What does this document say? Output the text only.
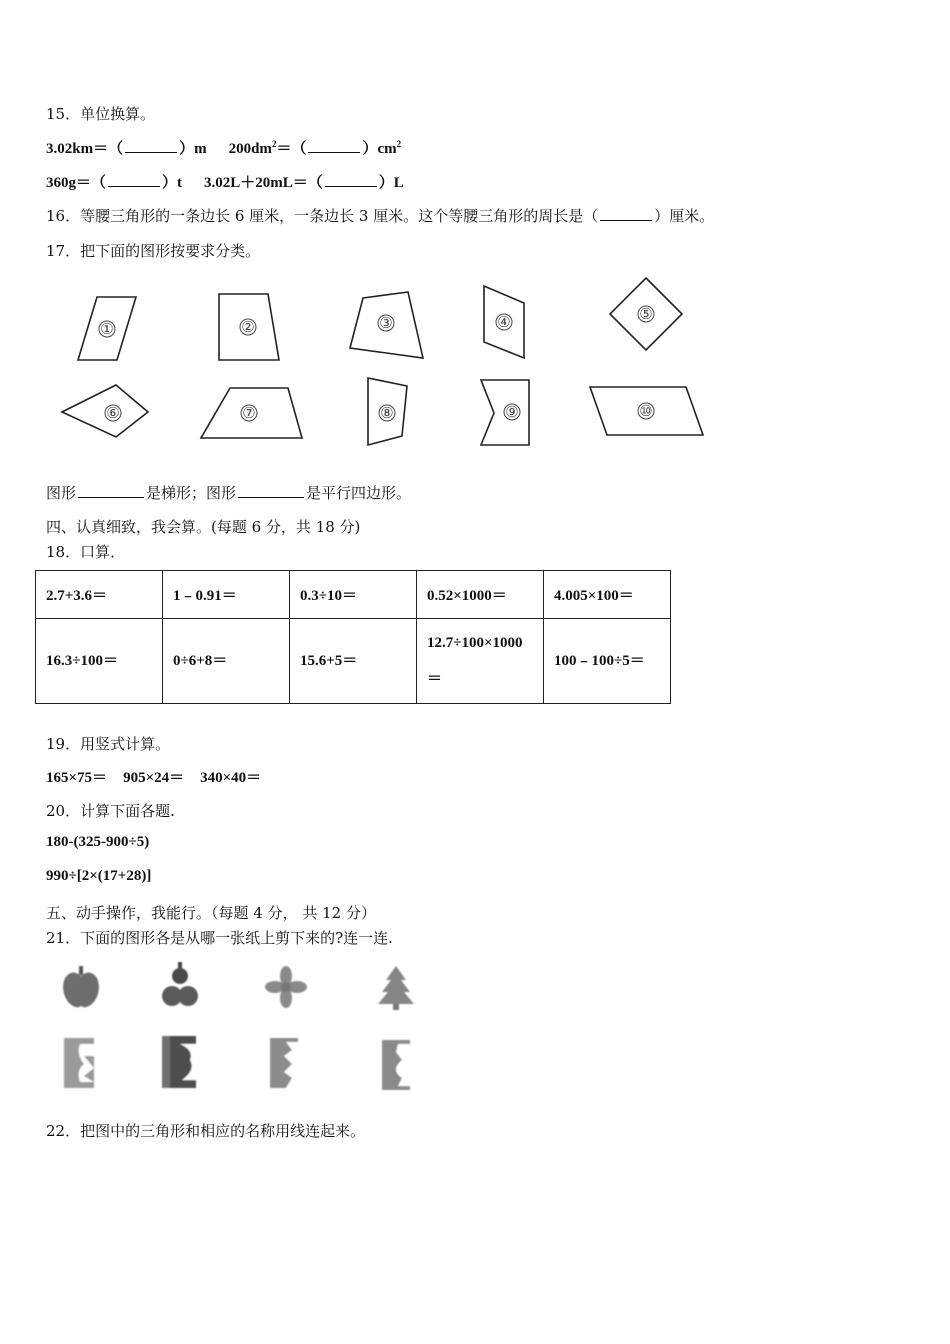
15．单位换算。
3.02km＝（	）m $200dm^2=$（	）$cm^2$
360g＝（	）t 3.02L＋20mL＝（	）L
16．等腰三角形的一条边长 6 厘米，一条边长 3 厘米。这个等腰三角形的周长是（	）厘米。
17．把下面的图形按要求分类。
①	②	③	④	⑤
⑥	⑦	⑧	⑨	⑩
图形	是梯形；图形	是平行四边形。
四、认真细致，我会算。(每题 6 分，共 18 分)
18．口算．
2.7+3.6＝	1﹣0.91＝	0.3÷10＝	0.52×1000＝	4.005×100＝
16.3÷100＝	0÷6+8＝	15.6+5＝	12.7÷100×1000＝	100﹣100÷5＝
19．用竖式计算。
165×75＝ 905×24＝ 340×40＝
20．计算下面各题.
180-(325-900÷5)
990÷[2×(17+28)]
五、动手操作，我能行。（每题 4 分， 共 12 分）
21．下面的图形各是从哪一张纸上剪下来的?连一连.
22．把图中的三角形和相应的名称用线连起来。
